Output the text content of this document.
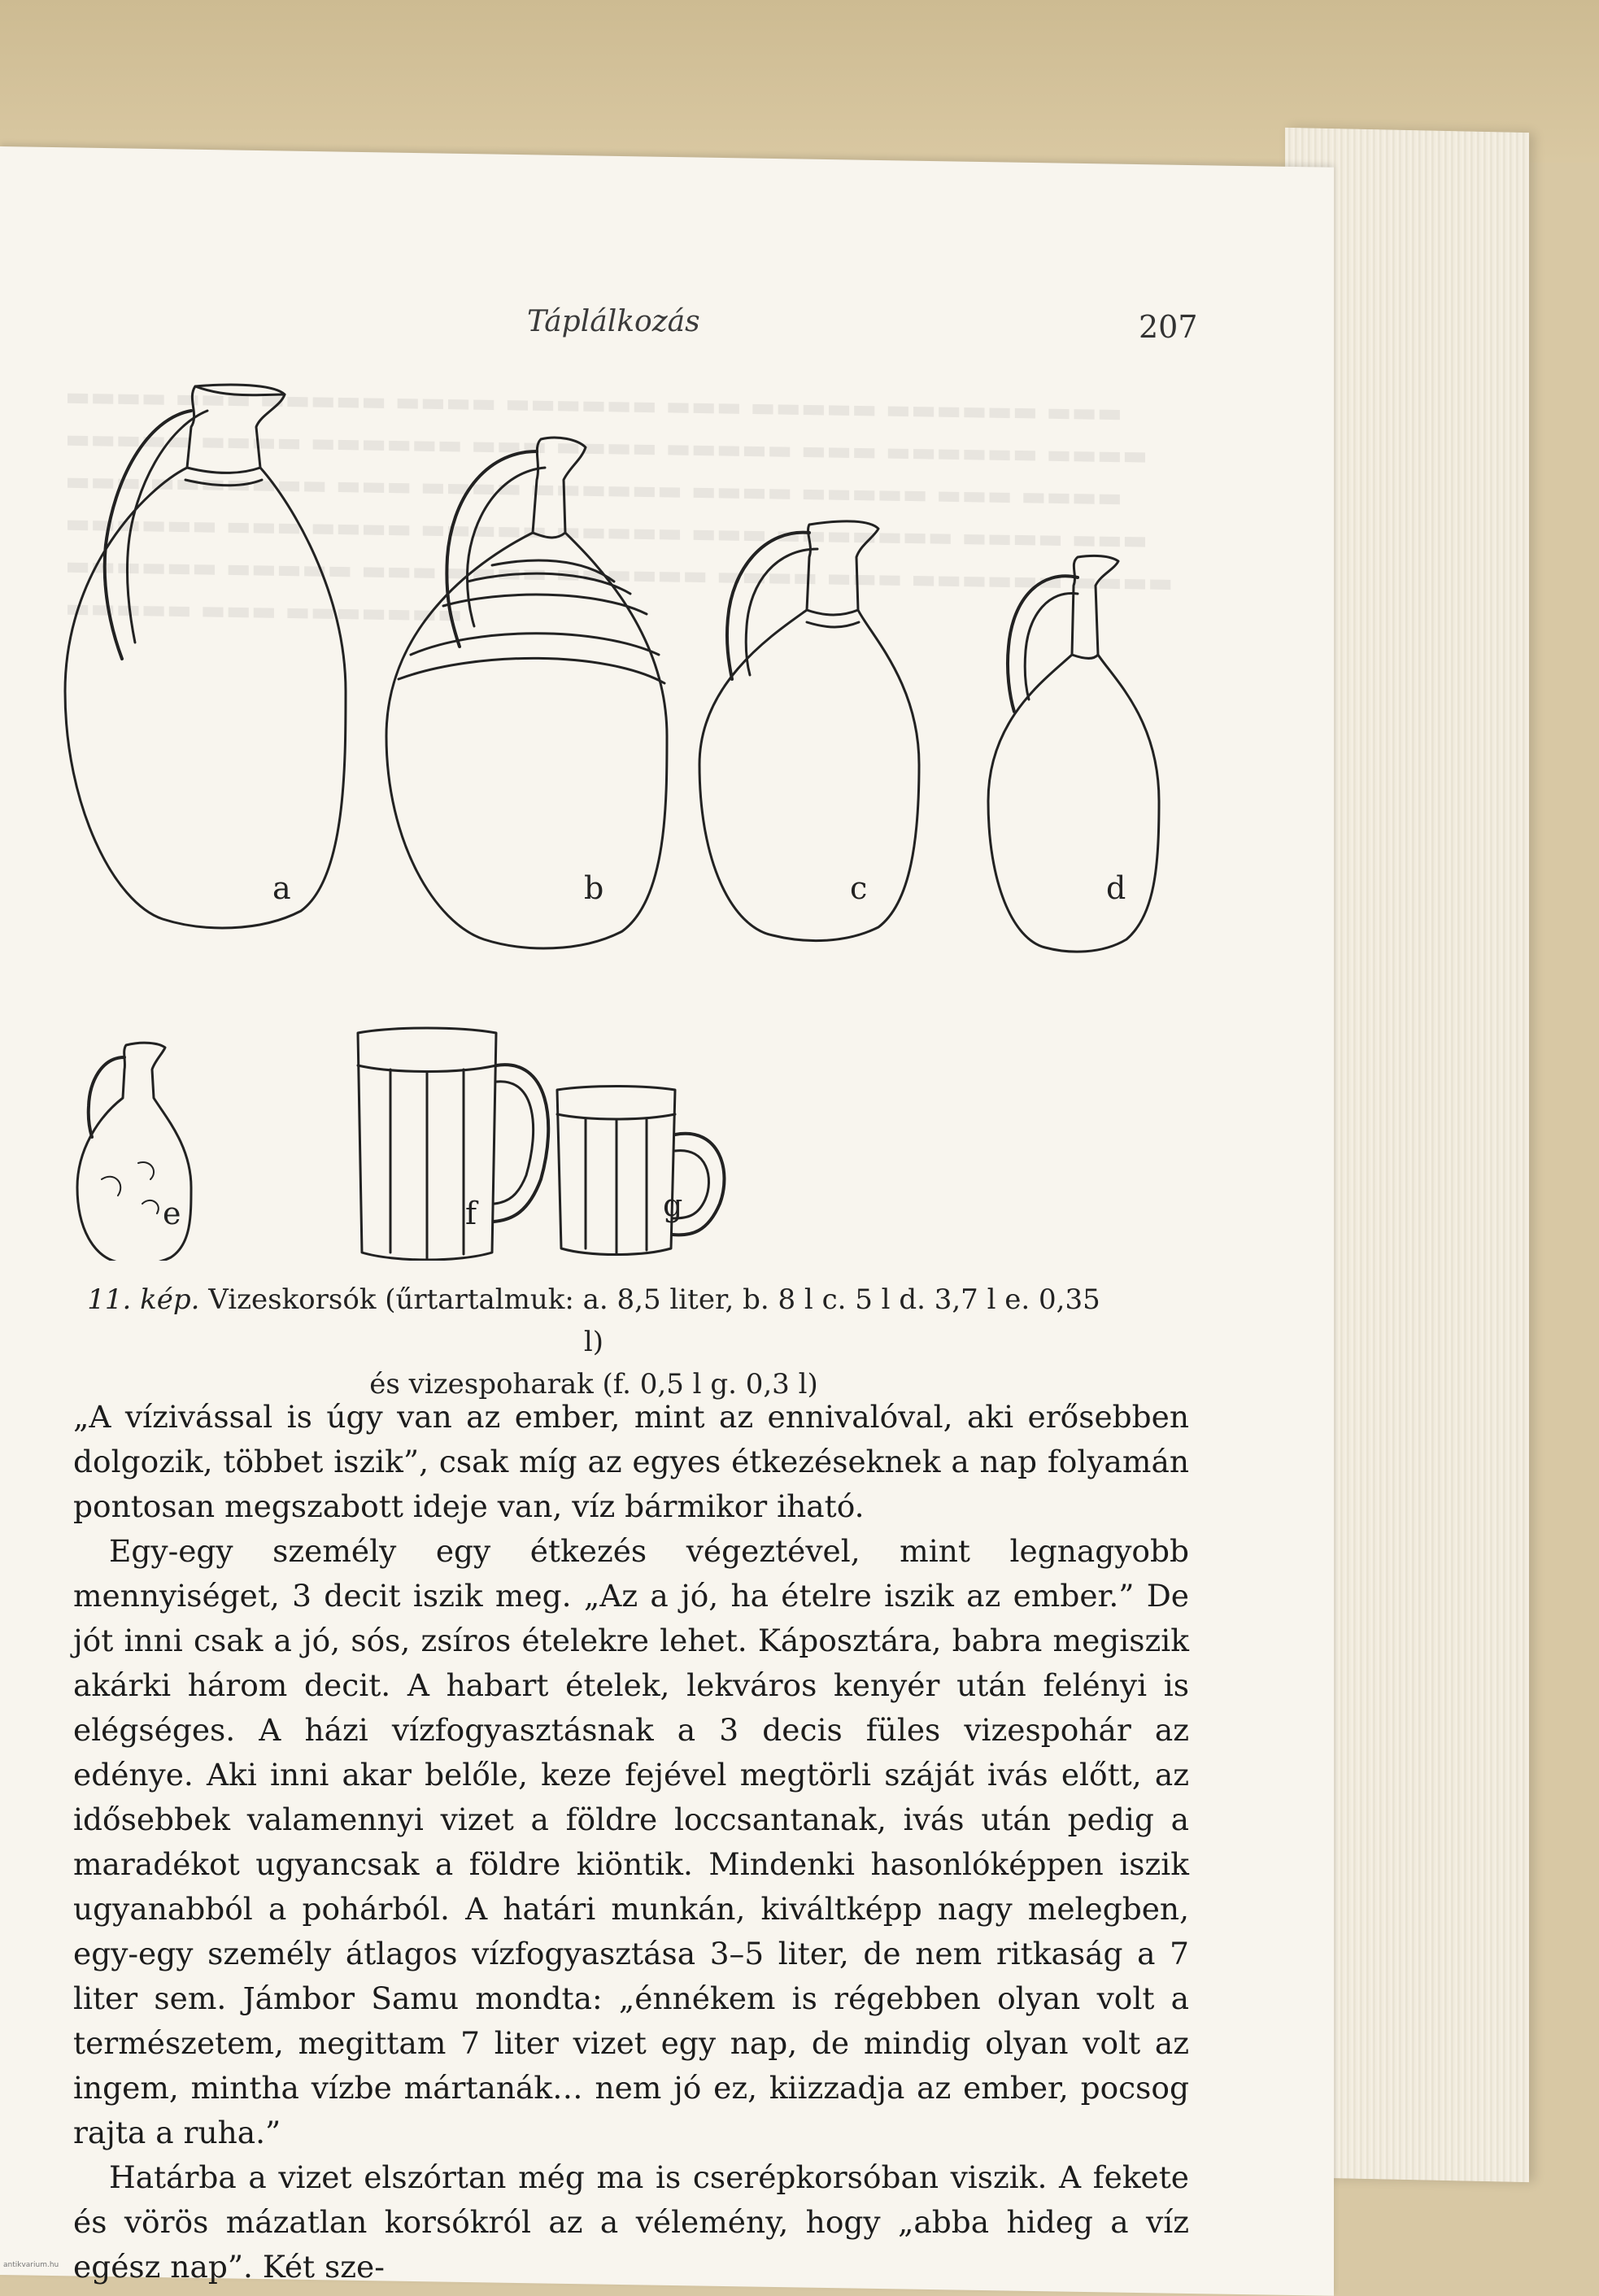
▬▬▬▬ ▬▬▬ ▬▬▬▬▬ ▬▬▬▬ ▬▬▬▬▬▬ ▬▬▬ ▬▬▬▬▬ ▬▬▬▬▬▬ ▬▬▬ ▬▬▬▬▬ ▬▬▬▬ ▬▬▬▬▬▬ ▬▬▬ ▬▬▬▬ ▬▬▬▬▬ ▬▬▬ ▬▬▬▬▬▬ ▬▬▬▬ ▬▬▬ ▬▬▬▬▬▬▬ ▬▬▬ ▬▬▬▬ ▬▬▬▬▬▬ ▬▬▬▬ ▬▬▬▬▬ ▬▬▬ ▬▬▬▬ ▬▬▬▬▬▬ ▬▬▬ ▬▬▬▬ ▬▬▬▬▬ ▬▬▬▬▬ ▬▬▬ ▬▬▬▬▬▬▬ ▬▬▬▬ ▬▬▬ ▬▬▬▬▬▬ ▬▬▬▬▬ ▬▬▬ ▬▬▬▬ ▬▬▬▬▬▬ ▬▬▬▬ ▬▬▬ ▬▬▬▬▬▬ ▬▬▬▬ ▬▬▬▬▬ ▬▬▬ ▬▬▬▬▬▬▬
Táplálkozás	207
a	b	c	d
e	f	g
11. kép. Vizeskorsók (űrtartalmuk: a. 8,5 liter, b. 8 l c. 5 l d. 3,7 l e. 0,35 l)
és vizespoharak (f. 0,5 l g. 0,3 l)

„A vízivással is úgy van az ember, mint az ennivalóval, aki erősebben dolgozik, többet iszik”, csak míg az egyes étkezéseknek a nap folyamán pontosan megszabott ideje van, víz bármikor iható.

Egy-egy személy egy étkezés végeztével, mint legnagyobb mennyiséget, 3 decit iszik meg. „Az a jó, ha ételre iszik az ember.” De jót inni csak a jó, sós, zsíros ételekre lehet. Káposztára, babra megiszik akárki három decit. A habart ételek, lekváros kenyér után felényi is elégséges. A házi vízfogyasztásnak a 3 decis füles vizespohár az edénye. Aki inni akar belőle, keze fejével megtörli száját ivás előtt, az idősebbek valamennyi vizet a földre loccsantanak, ivás után pedig a maradékot ugyancsak a földre kiöntik. Mindenki hasonlóképpen iszik ugyanabból a pohárból. A határi munkán, kiváltképp nagy melegben, egy-egy személy átlagos vízfogyasztása 3–5 liter, de nem ritkaság a 7 liter sem. Jámbor Samu mondta: „énnékem is régebben olyan volt a természetem, megittam 7 liter vizet egy nap, de mindig olyan volt az ingem, mintha vízbe mártanák… nem jó ez, kiizzadja az ember, pocsog rajta a ruha.”

Határba a vizet elszórtan még ma is cserépkorsóban viszik. A fekete és vörös mázatlan korsókról az a vélemény, hogy „abba hideg a víz egész nap”. Két sze-

antikvarium.hu
